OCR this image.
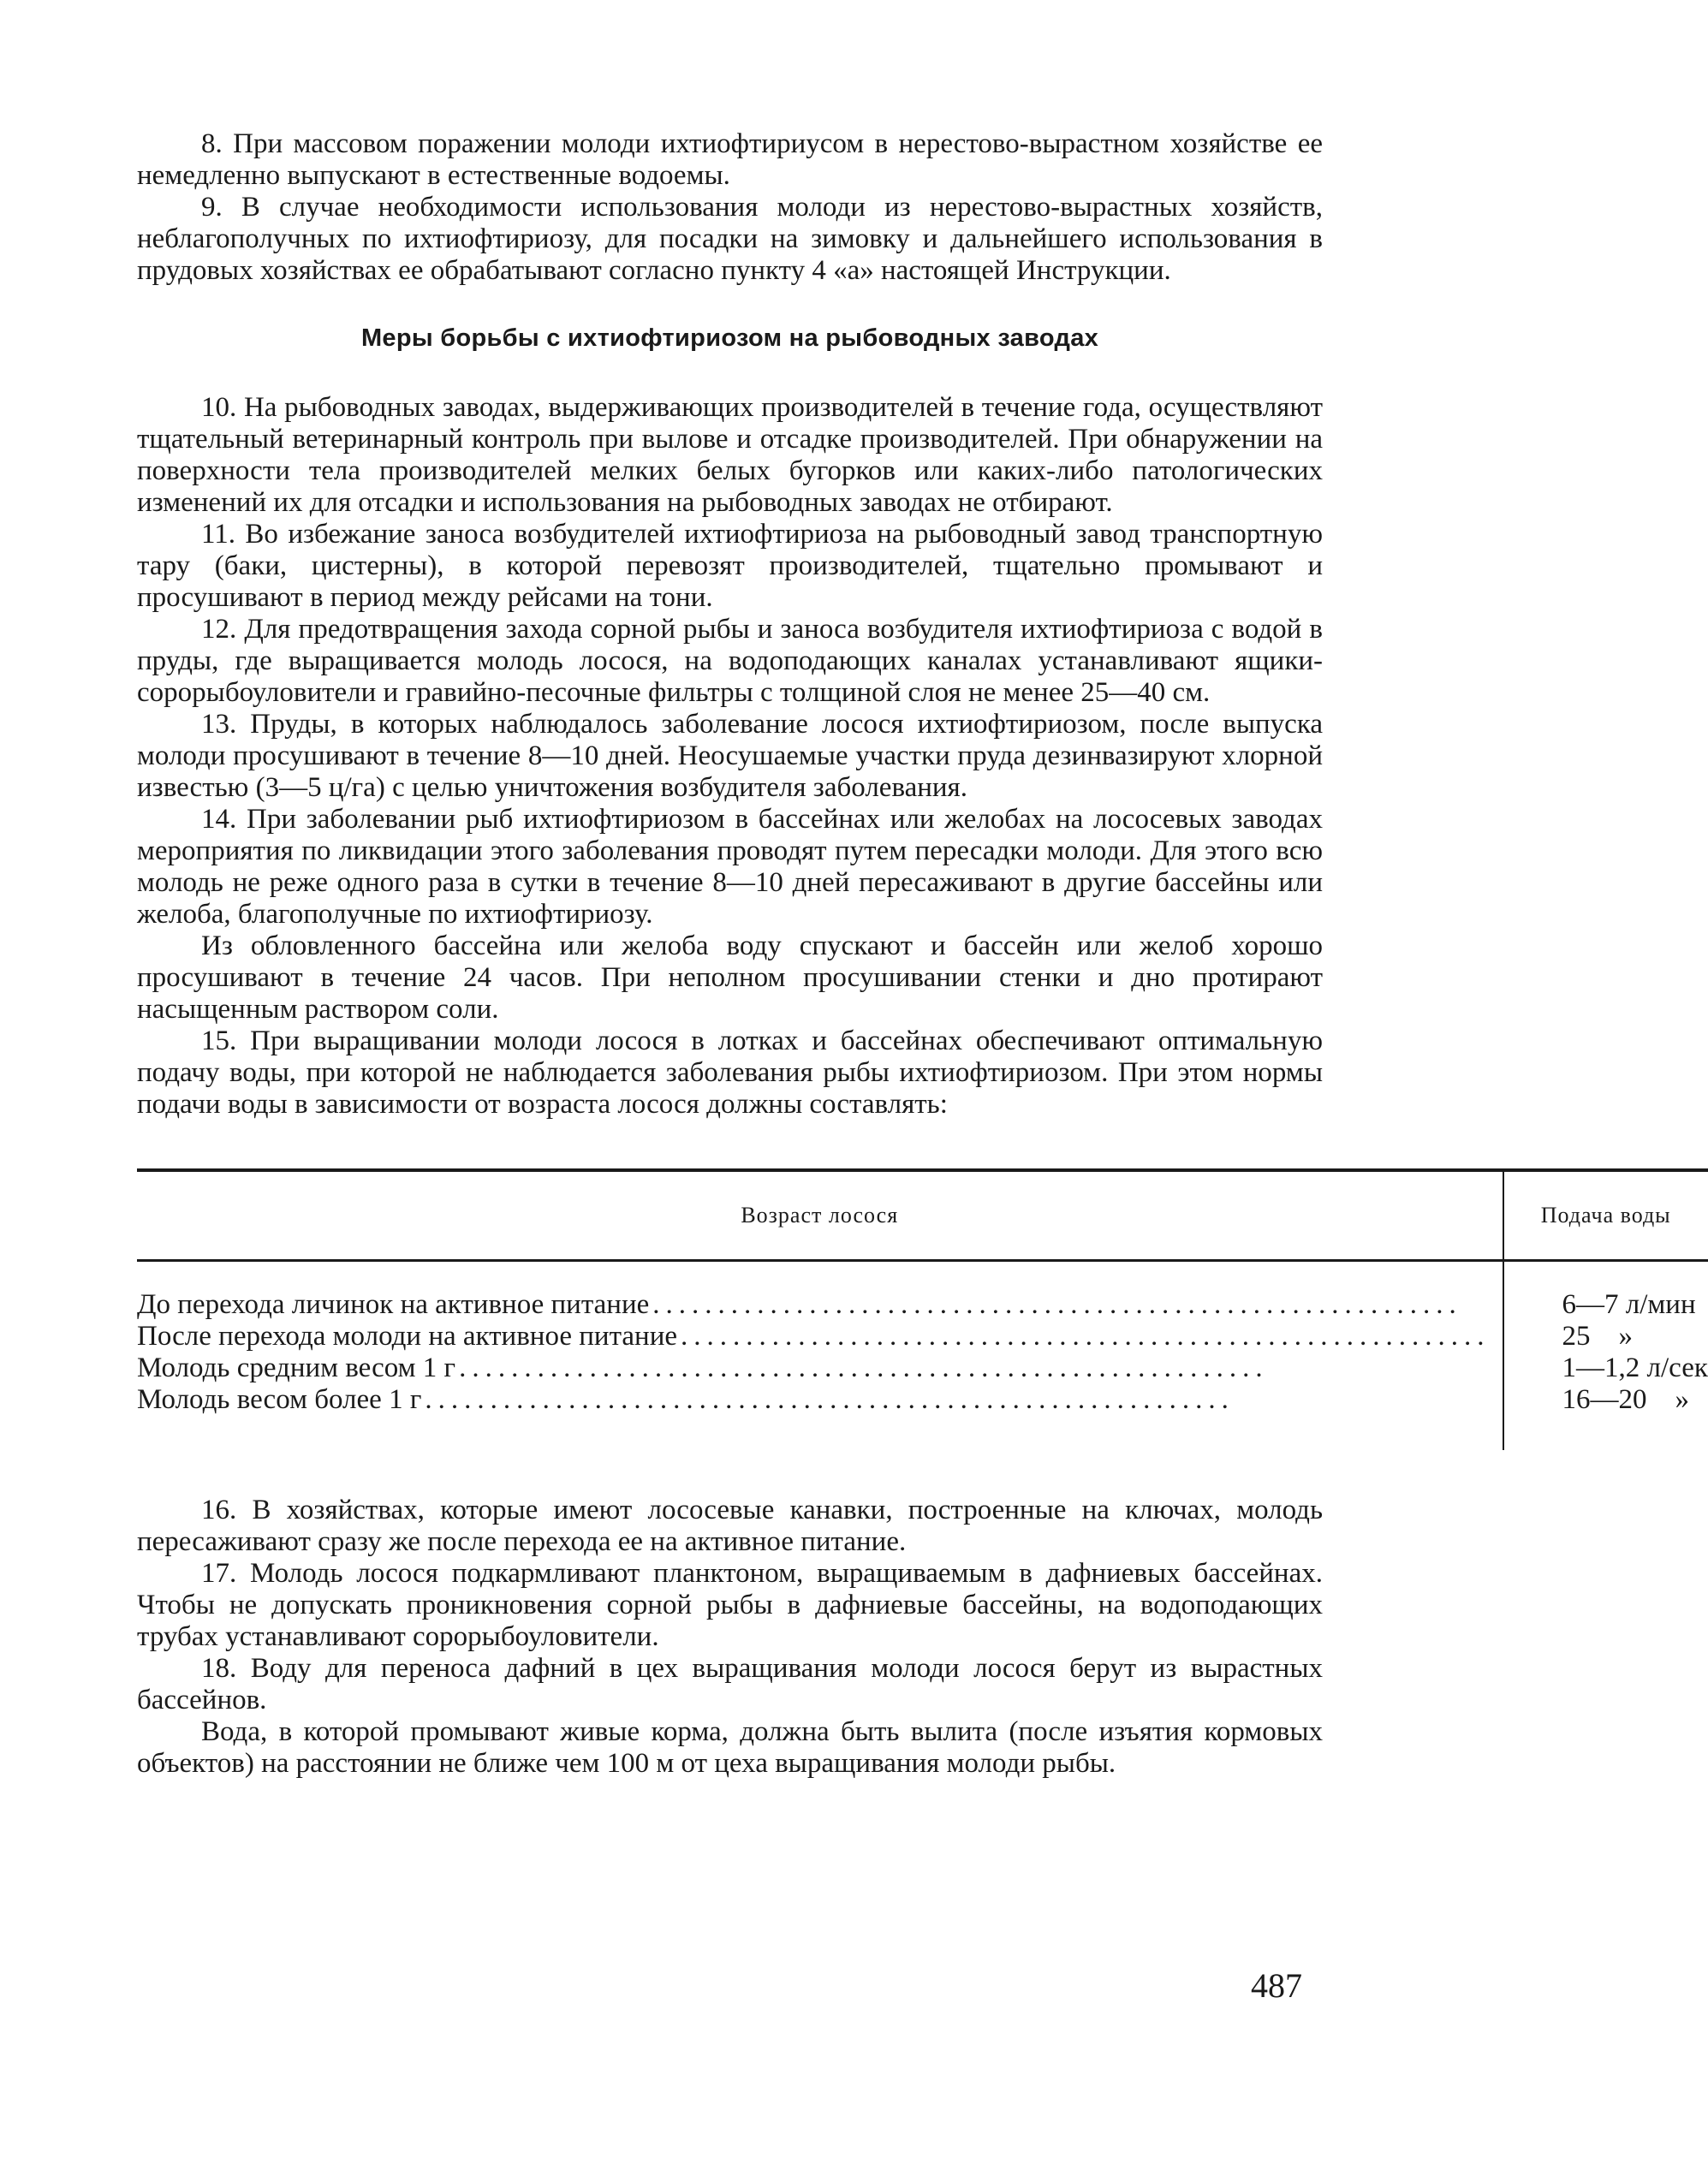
8. При массовом поражении молоди ихтиофтириусом в нерестово-вырастном хозяйстве ее немедленно выпускают в естественные водоемы.

9. В случае необходимости использования молоди из нерестово-вырастных хозяйств, неблагополучных по ихтиофтириозу, для посадки на зимовку и дальнейшего использования в прудовых хозяйствах ее обрабатывают согласно пункту 4 «а» настоящей Инструкции.

Меры борьбы с ихтиофтириозом на рыбоводных заводах

10. На рыбоводных заводах, выдерживающих производителей в течение года, осуществляют тщательный ветеринарный контроль при вылове и отсадке производителей. При обнаружении на поверхности тела производителей мелких белых бугорков или каких-либо патологических изменений их для отсадки и использования на рыбоводных заводах не отбирают.

11. Во избежание заноса возбудителей ихтиофтириоза на рыбоводный завод транспортную тару (баки, цистерны), в которой перевозят производителей, тщательно промывают и просушивают в период между рейсами на тони.

12. Для предотвращения захода сорной рыбы и заноса возбудителя ихтиофтириоза с водой в пруды, где выращивается молодь лосося, на водоподающих каналах устанавливают ящики-сорорыбоуловители и гравийно-песочные фильтры с толщиной слоя не менее 25—40 см.

13. Пруды, в которых наблюдалось заболевание лосося ихтиофтириозом, после выпуска молоди просушивают в течение 8—10 дней. Неосушаемые участки пруда дезинвазируют хлорной известью (3—5 ц/га) с целью уничтожения возбудителя заболевания.

14. При заболевании рыб ихтиофтириозом в бассейнах или желобах на лососевых заводах мероприятия по ликвидации этого заболевания проводят путем пересадки молоди. Для этого всю молодь не реже одного раза в сутки в течение 8—10 дней пересаживают в другие бассейны или желоба, благополучные по ихтиофтириозу.

Из обловленного бассейна или желоба воду спускают и бассейн или желоб хорошо просушивают в течение 24 часов. При неполном просушивании стенки и дно протирают насыщенным раствором соли.

15. При выращивании молоди лосося в лотках и бассейнах обеспечивают оптимальную подачу воды, при которой не наблюдается заболевания рыбы ихтиофтириозом. При этом нормы подачи воды в зависимости от возраста лосося должны составлять:

Возраст лосося	Подача воды

До перехода личинок на активное питание ..............................................................	6—7 л/мин

После перехода молоди на активное питание ..............................................................	25    »

Молодь средним весом 1 г ..............................................................	1—1,2 л/сек

Молодь весом более 1 г ..............................................................	16—20    »

16. В хозяйствах, которые имеют лососевые канавки, построенные на ключах, молодь пересаживают сразу же после перехода ее на активное питание.

17. Молодь лосося подкармливают планктоном, выращиваемым в дафниевых бассейнах. Чтобы не допускать проникновения сорной рыбы в дафниевые бассейны, на водоподающих трубах устанавливают сорорыбоуловители.

18. Воду для переноса дафний в цех выращивания молоди лосося берут из вырастных бассейнов.

Вода, в которой промывают живые корма, должна быть вылита (после изъятия кормовых объектов) на расстоянии не ближе чем 100 м от цеха выращивания молоди рыбы.

487
